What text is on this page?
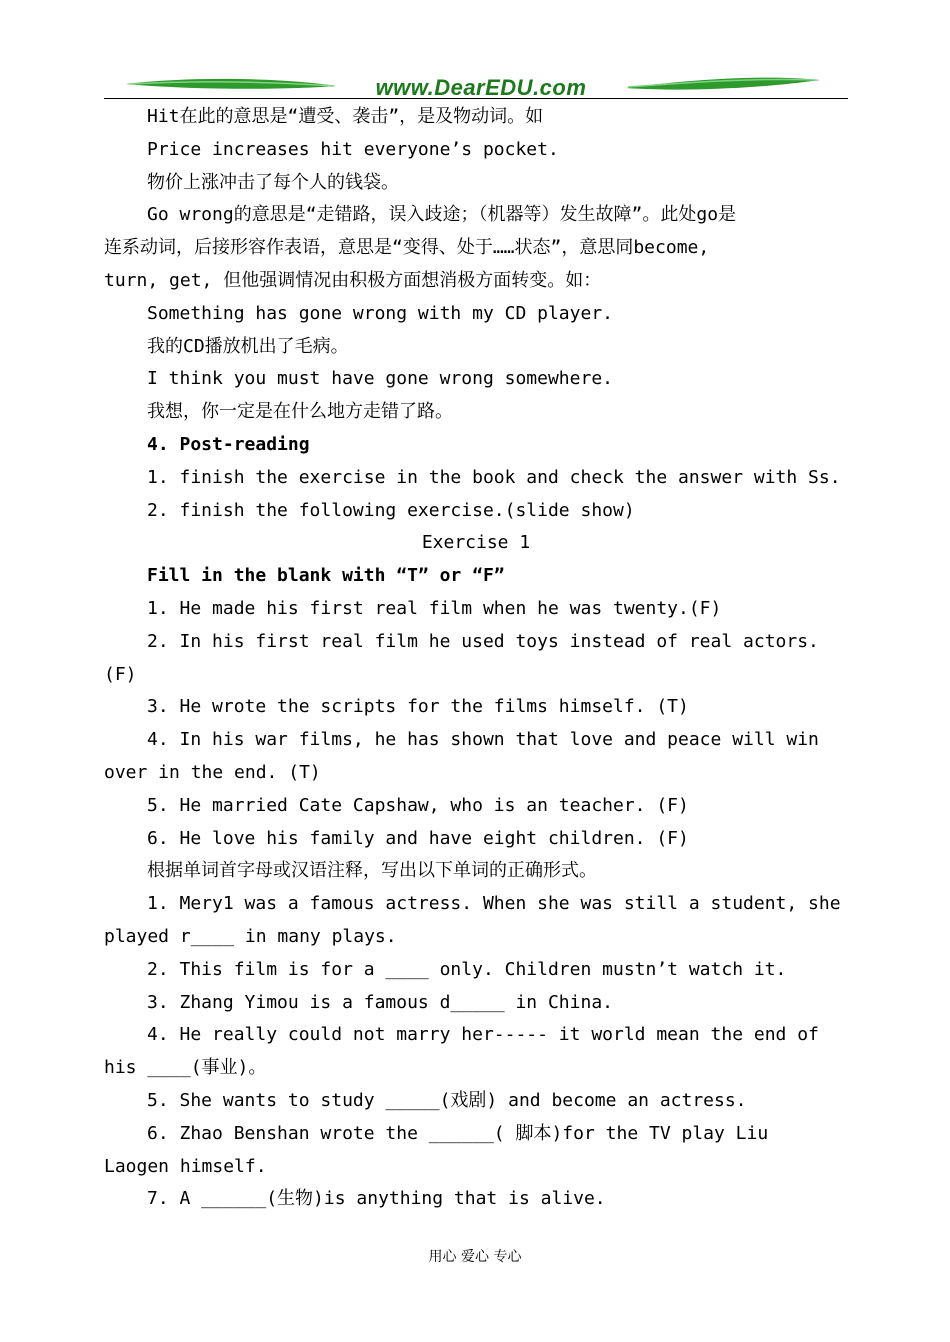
www.DearEDU.com
Hit在此的意思是“遭受、袭击”，是及物动词。如
Price increases hit everyone’s pocket.
物价上涨冲击了每个人的钱袋。
Go wrong的意思是“走错路，误入歧途；（机器等）发生故障”。此处go是
连系动词，后接形容作表语，意思是“变得、处于……状态”，意思同become,
turn, get, 但他强调情况由积极方面想消极方面转变。如：
Something has gone wrong with my CD player.
我的CD播放机出了毛病。
I think you must have gone wrong somewhere.
我想，你一定是在什么地方走错了路。
4. Post-reading
1. finish the exercise in the book and check the answer with Ss.
2. finish the following exercise.(slide show)
Exercise 1
Fill in the blank with “T” or “F”
1. He made his first real film when he was twenty.(F)
2. In his first real film he used toys instead of real actors.
(F)
3. He wrote the scripts for the films himself. (T)
4. In his war films, he has shown that love and peace will win
over in the end. (T)
5. He married Cate Capshaw, who is an teacher. (F)
6. He love his family and have eight children. (F)
根据单词首字母或汉语注释，写出以下单词的正确形式。
1. Mery1 was a famous actress. When she was still a student, she
played r____ in many plays.
2. This film is for a ____ only. Children mustn’t watch it.
3. Zhang Yimou is a famous d_____ in China.
4. He really could not marry her----- it world mean the end of
his ____(事业)。
5. She wants to study _____(戏剧) and become an actress.
6. Zhao Benshan wrote the ______( 脚本)for the TV play Liu
Laogen himself.
7. A ______(生物)is anything that is alive.
用心 爱心 专心
